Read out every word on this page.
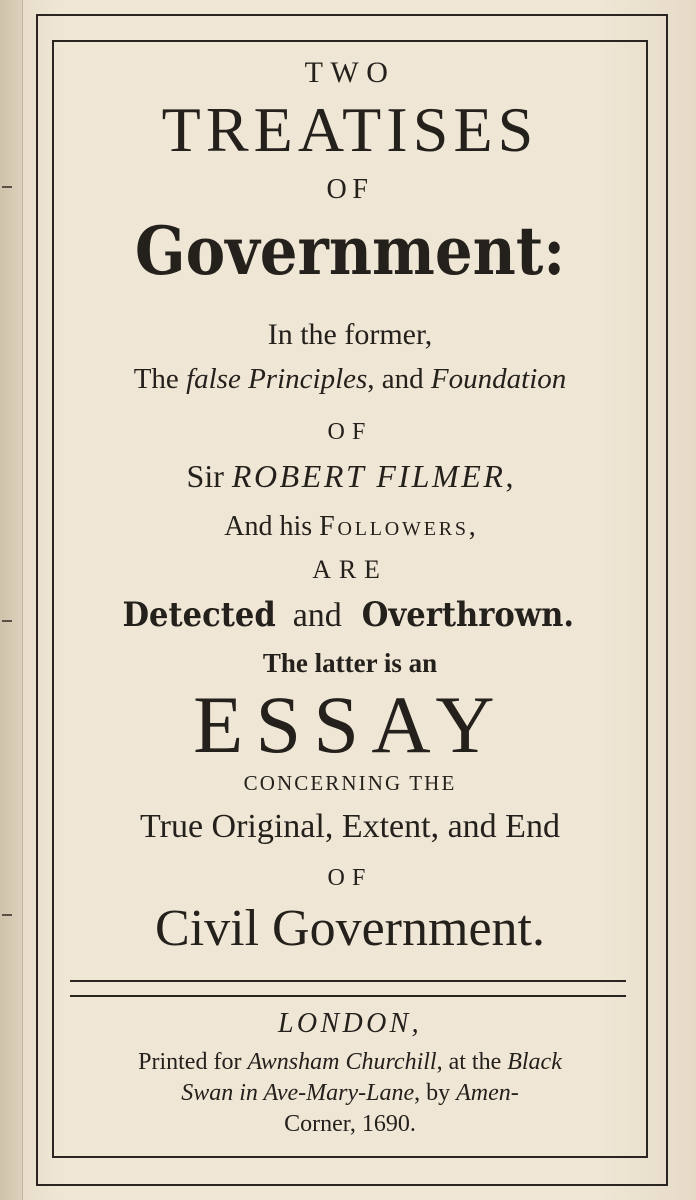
TWO
TREATISES
OF
Government:
In the former,
The false Principles, and Foundation
OF
Sir ROBERT FILMER,
And his Followers,
ARE
Detected and Overthrown.
The latter is an
ESSAY
CONCERNING THE
True Original, Extent, and End
OF
Civil Government.
LONDON,
Printed for Awnsham Churchill, at the Black
Swan in Ave-Mary-Lane, by Amen-
Corner, 1690.
